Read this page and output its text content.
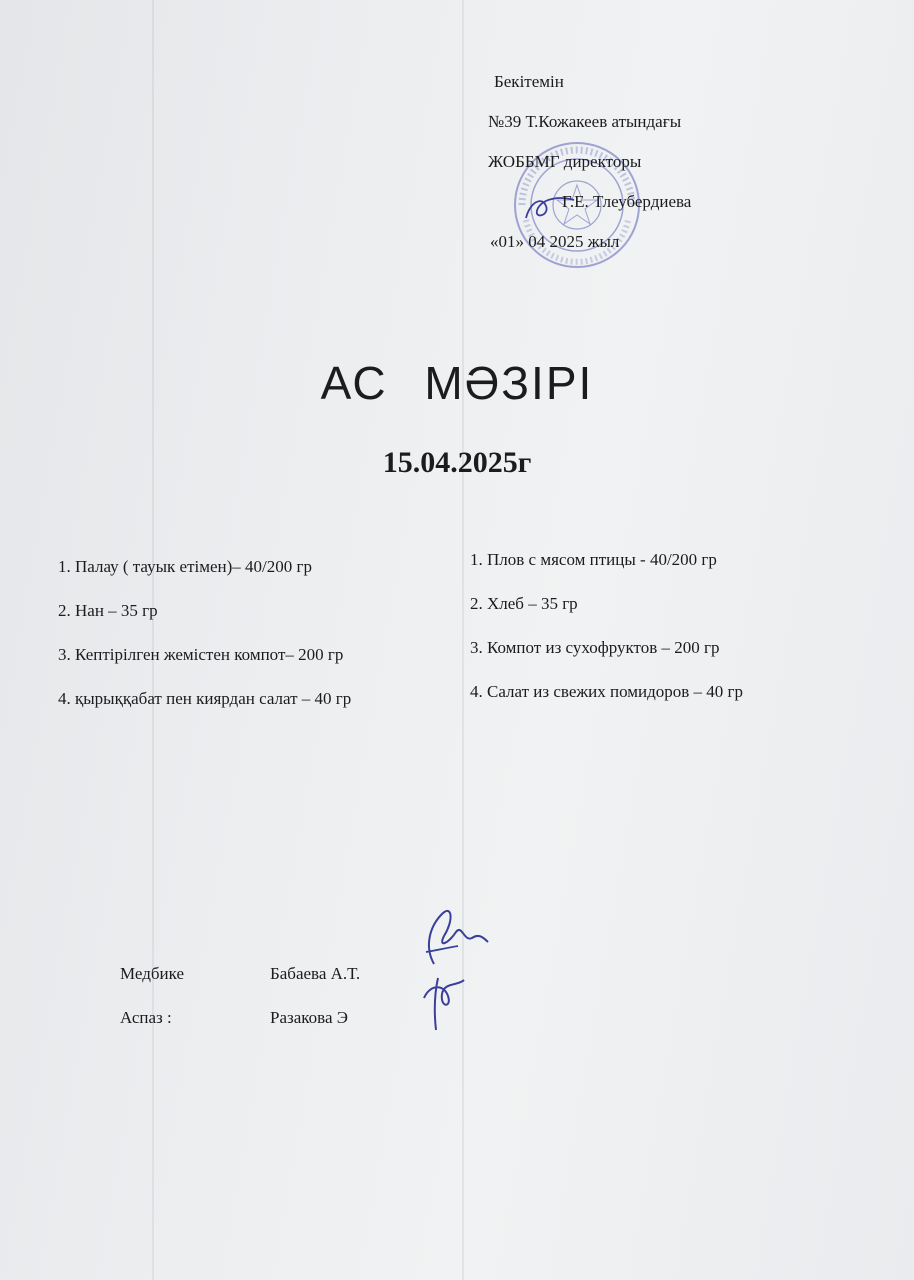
Бекітемін
№39 Т.Кожакеев атындағы
ЖОББМГ директоры
Г.Е. Тлеубердиева
«01» 04 2025 жыл
АС МӘЗІРІ
15.04.2025г
1. Палау ( тауык етімен)– 40/200 гр
2. Нан – 35 гр
3. Кептірілген жемістен компот– 200 гр
4. қырыққабат пен киярдан салат – 40 гр
1. Плов с мясом птицы - 40/200 гр
2. Хлеб – 35 гр
3. Компот из сухофруктов – 200 гр
4. Салат из свежих помидоров – 40 гр
Медбике	Бабаева А.Т.
Аспаз :	Разакова Э
